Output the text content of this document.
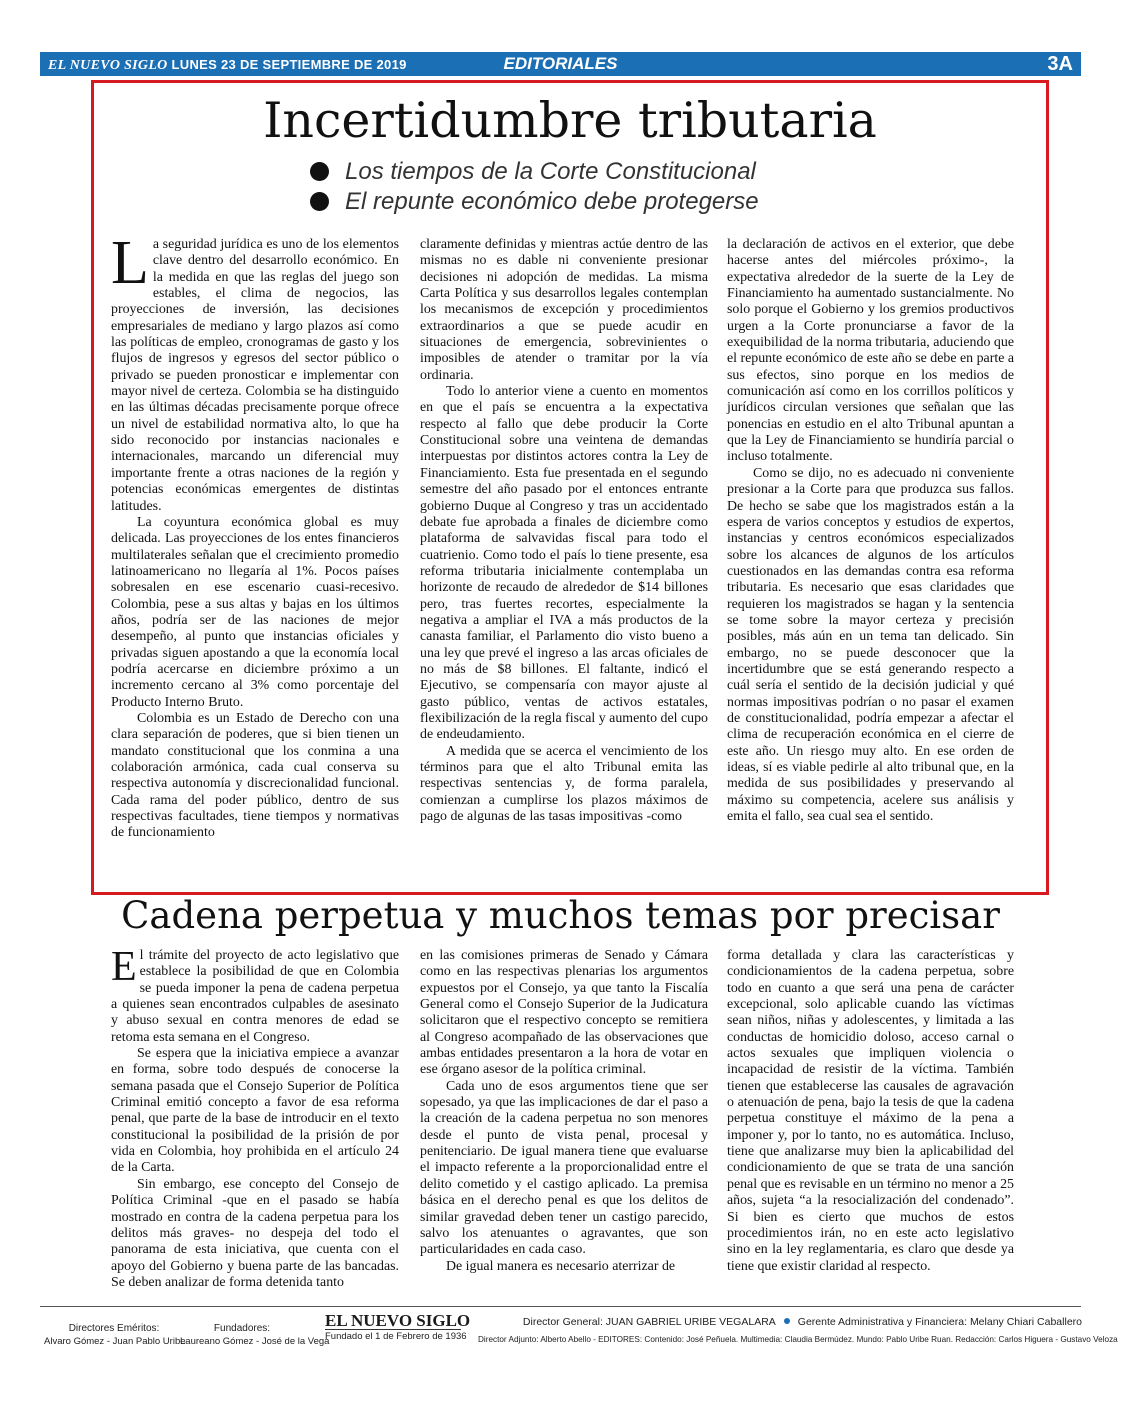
EL NUEVO SIGLO LUNES 23 DE SEPTIEMBRE DE 2019	EDITORIALES	3A
Incertidumbre tributaria
Los tiempos de la Corte Constitucional
El repunte económico debe protegerse

La seguridad jurídica es uno de los elementos clave dentro del desarrollo económico. En la medida en que las reglas del juego son estables, el clima de negocios, las proyecciones de inversión, las decisiones empresariales de mediano y largo plazos así como las políticas de empleo, cronogramas de gasto y los flujos de ingresos y egresos del sector público o privado se pueden pronosticar e implementar con mayor nivel de certeza. Colombia se ha distinguido en las últimas décadas precisamente porque ofrece un nivel de estabilidad normativa alto, lo que ha sido reconocido por instancias nacionales e internacionales, marcando un diferencial muy importante frente a otras naciones de la región y potencias económicas emergentes de distintas latitudes.

La coyuntura económica global es muy delicada. Las proyecciones de los entes financieros multilaterales señalan que el crecimiento promedio latinoamericano no llegaría al 1%. Pocos países sobresalen en ese escenario cuasi-recesivo. Colombia, pese a sus altas y bajas en los últimos años, podría ser de las naciones de mejor desempeño, al punto que instancias oficiales y privadas siguen apostando a que la economía local podría acercarse en diciembre próximo a un incremento cercano al 3% como porcentaje del Producto Interno Bruto.

Colombia es un Estado de Derecho con una clara separación de poderes, que si bien tienen un mandato constitucional que los conmina a una colaboración armónica, cada cual conserva su respectiva autonomía y discrecionalidad funcional. Cada rama del poder público, dentro de sus respectivas facultades, tiene tiempos y normativas de funcionamiento

claramente definidas y mientras actúe dentro de las mismas no es dable ni conveniente presionar decisiones ni adopción de medidas. La misma Carta Política y sus desarrollos legales contemplan los mecanismos de excepción y procedimientos extraordinarios a que se puede acudir en situaciones de emergencia, sobrevinientes o imposibles de atender o tramitar por la vía ordinaria.

Todo lo anterior viene a cuento en momentos en que el país se encuentra a la expectativa respecto al fallo que debe producir la Corte Constitucional sobre una veintena de demandas interpuestas por distintos actores contra la Ley de Financiamiento. Esta fue presentada en el segundo semestre del año pasado por el entonces entrante gobierno Duque al Congreso y tras un accidentado debate fue aprobada a finales de diciembre como plataforma de salvavidas fiscal para todo el cuatrienio. Como todo el país lo tiene presente, esa reforma tributaria inicialmente contemplaba un horizonte de recaudo de alrededor de $14 billones pero, tras fuertes recortes, especialmente la negativa a ampliar el IVA a más productos de la canasta familiar, el Parlamento dio visto bueno a una ley que prevé el ingreso a las arcas oficiales de no más de $8 billones. El faltante, indicó el Ejecutivo, se compensaría con mayor ajuste al gasto público, ventas de activos estatales, flexibilización de la regla fiscal y aumento del cupo de endeudamiento.

A medida que se acerca el vencimiento de los términos para que el alto Tribunal emita las respectivas sentencias y, de forma paralela, comienzan a cumplirse los plazos máximos de pago de algunas de las tasas impositivas -como

la declaración de activos en el exterior, que debe hacerse antes del miércoles próximo-, la expectativa alrededor de la suerte de la Ley de Financiamiento ha aumentado sustancialmente. No solo porque el Gobierno y los gremios productivos urgen a la Corte pronunciarse a favor de la exequibilidad de la norma tributaria, aduciendo que el repunte económico de este año se debe en parte a sus efectos, sino porque en los medios de comunicación así como en los corrillos políticos y jurídicos circulan versiones que señalan que las ponencias en estudio en el alto Tribunal apuntan a que la Ley de Financiamiento se hundiría parcial o incluso totalmente.

Como se dijo, no es adecuado ni conveniente presionar a la Corte para que produzca sus fallos. De hecho se sabe que los magistrados están a la espera de varios conceptos y estudios de expertos, instancias y centros económicos especializados sobre los alcances de algunos de los artículos cuestionados en las demandas contra esa reforma tributaria. Es necesario que esas claridades que requieren los magistrados se hagan y la sentencia se tome sobre la mayor certeza y precisión posibles, más aún en un tema tan delicado. Sin embargo, no se puede desconocer que la incertidumbre que se está generando respecto a cuál sería el sentido de la decisión judicial y qué normas impositivas podrían o no pasar el examen de constitucionalidad, podría empezar a afectar el clima de recuperación económica en el cierre de este año. Un riesgo muy alto. En ese orden de ideas, sí es viable pedirle al alto tribunal que, en la medida de sus posibilidades y preservando al máximo su competencia, acelere sus análisis y emita el fallo, sea cual sea el sentido.

Cadena perpetua y muchos temas por precisar

El trámite del proyecto de acto legislativo que establece la posibilidad de que en Colombia se pueda imponer la pena de cadena perpetua a quienes sean encontrados culpables de asesinato y abuso sexual en contra menores de edad se retoma esta semana en el Congreso.

Se espera que la iniciativa empiece a avanzar en forma, sobre todo después de conocerse la semana pasada que el Consejo Superior de Política Criminal emitió concepto a favor de esa reforma penal, que parte de la base de introducir en el texto constitucional la posibilidad de la prisión de por vida en Colombia, hoy prohibida en el artículo 24 de la Carta.

Sin embargo, ese concepto del Consejo de Política Criminal -que en el pasado se había mostrado en contra de la cadena perpetua para los delitos más graves- no despeja del todo el panorama de esta iniciativa, que cuenta con el apoyo del Gobierno y buena parte de las bancadas. Se deben analizar de forma detenida tanto

en las comisiones primeras de Senado y Cámara como en las respectivas plenarias los argumentos expuestos por el Consejo, ya que tanto la Fiscalía General como el Consejo Superior de la Judicatura solicitaron que el respectivo concepto se remitiera al Congreso acompañado de las observaciones que ambas entidades presentaron a la hora de votar en ese órgano asesor de la política criminal.

Cada uno de esos argumentos tiene que ser sopesado, ya que las implicaciones de dar el paso a la creación de la cadena perpetua no son menores desde el punto de vista penal, procesal y penitenciario. De igual manera tiene que evaluarse el impacto referente a la proporcionalidad entre el delito cometido y el castigo aplicado. La premisa básica en el derecho penal es que los delitos de similar gravedad deben tener un castigo parecido, salvo los atenuantes o agravantes, que son particularidades en cada caso.

De igual manera es necesario aterrizar de

forma detallada y clara las características y condicionamientos de la cadena perpetua, sobre todo en cuanto a que será una pena de carácter excepcional, solo aplicable cuando las víctimas sean niños, niñas y adolescentes, y limitada a las conductas de homicidio doloso, acceso carnal o actos sexuales que impliquen violencia o incapacidad de resistir de la víctima. También tienen que establecerse las causales de agravación o atenuación de pena, bajo la tesis de que la cadena perpetua constituye el máximo de la pena a imponer y, por lo tanto, no es automática. Incluso, tiene que analizarse muy bien la aplicabilidad del condicionamiento de que se trata de una sanción penal que es revisable en un término no menor a 25 años, sujeta “a la resocialización del condenado”. Si bien es cierto que muchos de estos procedimientos irán, no en este acto legislativo sino en la ley reglamentaria, es claro que desde ya tiene que existir claridad al respecto.

Directores Eméritos:
Alvaro Gómez - Juan Pablo Uribe
Fundadores:
Laureano Gómez - José de la Vega
EL NUEVO SIGLO
Fundado el 1 de Febrero de 1936
Director General: JUAN GABRIEL URIBE VEGALARA Gerente Administrativa y Financiera: Melany Chiari Caballero
Director Adjunto: Alberto Abello - EDITORES: Contenido: José Peñuela. Multimedia: Claudia Bermúdez. Mundo: Pablo Uribe Ruan. Redacción: Carlos Higuera - Gustavo Veloza
